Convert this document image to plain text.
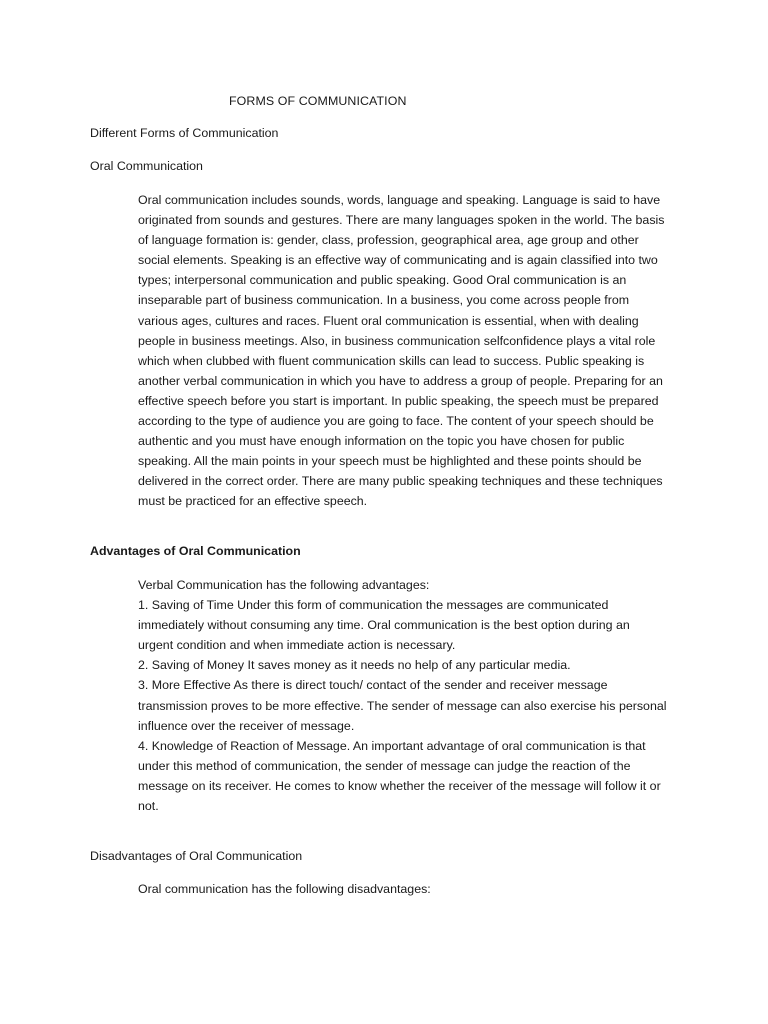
FORMS OF COMMUNICATION
Different Forms of Communication
Oral Communication
Oral communication includes sounds, words, language and speaking. Language is said to have
originated from sounds and gestures. There are many languages spoken in the world. The basis
of language formation is: gender, class, profession, geographical area, age group and other
social elements. Speaking is an effective way of communicating and is again classified into two
types; interpersonal communication and public speaking. Good Oral communication is an
inseparable part of business communication. In a business, you come across people from
various ages, cultures and races. Fluent oral communication is essential, when with dealing
people in business meetings. Also, in business communication selfconfidence plays a vital role
which when clubbed with fluent communication skills can lead to success. Public speaking is
another verbal communication in which you have to address a group of people. Preparing for an
effective speech before you start is important. In public speaking, the speech must be prepared
according to the type of audience you are going to face. The content of your speech should be
authentic and you must have enough information on the topic you have chosen for public
speaking. All the main points in your speech must be highlighted and these points should be
delivered in the correct order. There are many public speaking techniques and these techniques
must be practiced for an effective speech.
Advantages of Oral Communication
Verbal Communication has the following advantages:
1. Saving of Time Under this form of communication the messages are communicated
immediately without consuming any time. Oral communication is the best option during an
urgent condition and when immediate action is necessary.
2. Saving of Money It saves money as it needs no help of any particular media.
3. More Effective As there is direct touch/ contact of the sender and receiver message
transmission proves to be more effective. The sender of message can also exercise his personal
influence over the receiver of message.
4. Knowledge of Reaction of Message. An important advantage of oral communication is that
under this method of communication, the sender of message can judge the reaction of the
message on its receiver. He comes to know whether the receiver of the message will follow it or
not.
Disadvantages of Oral Communication
Oral communication has the following disadvantages:
